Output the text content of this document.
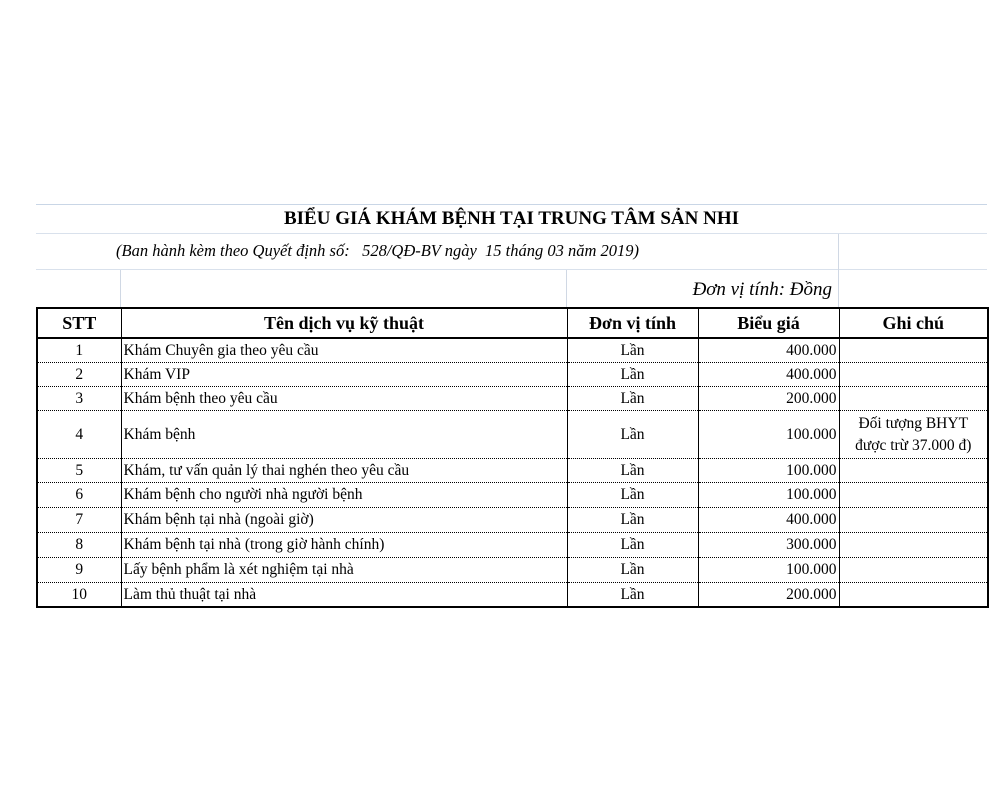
BIỂU GIÁ KHÁM BỆNH TẠI TRUNG TÂM SẢN NHI
(Ban hành kèm theo Quyết định số:   528/QĐ-BV ngày  15 tháng 03 năm 2019)
Đơn vị tính: Đồng
STT	Tên dịch vụ kỹ thuật	Đơn vị tính	Biểu giá	Ghi chú
1	Khám Chuyên gia theo yêu cầu	Lần	400.000	
2	Khám VIP	Lần	400.000	
3	Khám bệnh theo yêu cầu	Lần	200.000	
4	Khám bệnh	Lần	100.000	Đối tượng BHYT được trừ 37.000 đ)
5	Khám, tư vấn quản lý thai nghén theo yêu cầu	Lần	100.000	
6	Khám bệnh cho người nhà người bệnh	Lần	100.000	
7	Khám bệnh tại nhà (ngoài giờ)	Lần	400.000	
8	Khám bệnh tại nhà (trong giờ hành chính)	Lần	300.000	
9	Lấy bệnh phẩm là xét nghiệm tại nhà	Lần	100.000	
10	Làm thủ thuật tại nhà	Lần	200.000	
